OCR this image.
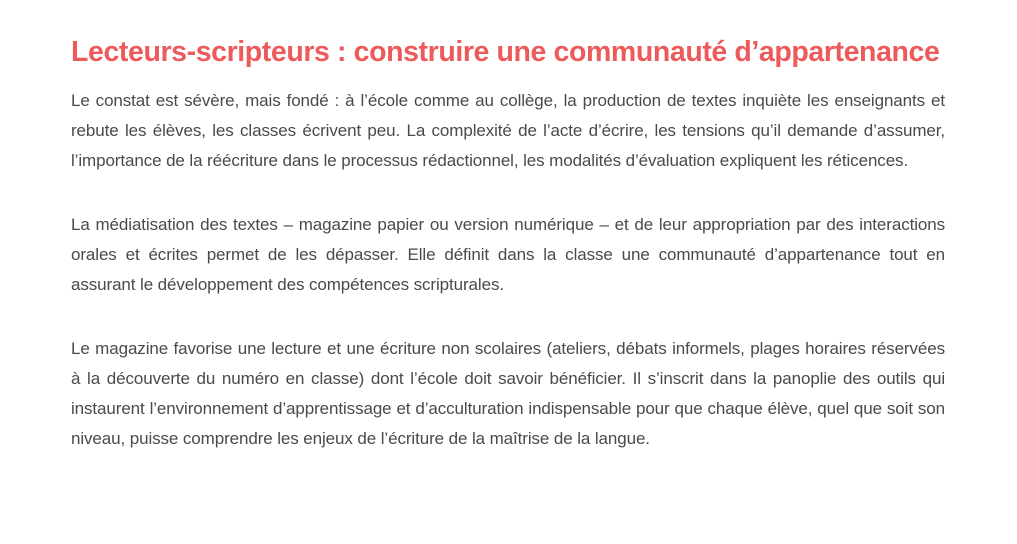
Lecteurs-scripteurs : construire une communauté d’appartenance

Le constat est sévère, mais fondé : à l’école comme au collège, la production de textes inquiète les enseignants et rebute les élèves, les classes écrivent peu. La complexité de l’acte d’écrire, les tensions qu’il demande d’assumer, l’importance de la réécriture dans le processus rédactionnel, les modalités d’évaluation expliquent les réticences.

La médiatisation des textes – magazine papier ou version numérique – et de leur appropriation par des interactions orales et écrites permet de les dépasser. Elle définit dans la classe une communauté d’appartenance tout en assurant le développement des compétences scripturales.

Le magazine favorise une lecture et une écriture non scolaires (ateliers, débats informels, plages horaires réservées à la découverte du numéro en classe) dont l’école doit savoir bénéficier. Il s’inscrit dans la panoplie des outils qui instaurent l’environnement d’apprentissage et d’acculturation indispensable pour que chaque élève, quel que soit son niveau, puisse comprendre les enjeux de l’écriture de la maîtrise de la langue.
